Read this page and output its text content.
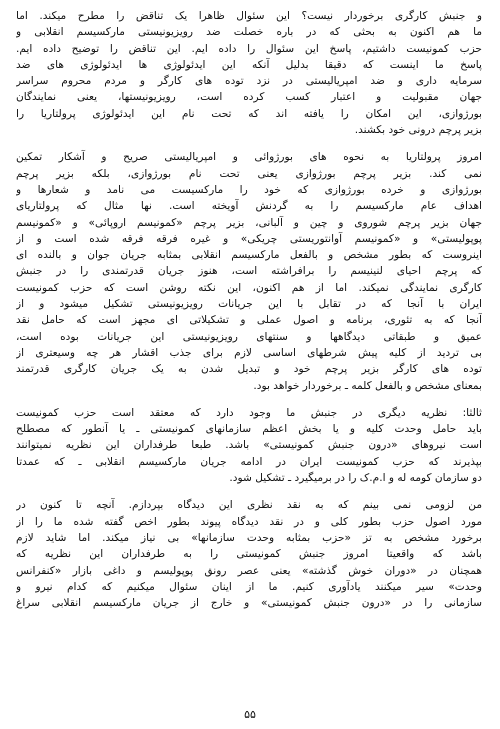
و جنبش کارگری برخوردار نیست؟ این سئوال ظاهرا یک تناقض را مطرح میکند. اما
ما هم اکنون به بحثی که در باره خصلت ضد رویزیونیستی مارکسیسم انقلابی و
حزب کمونیست داشتیم، پاسخ این سئوال را داده ایم. این تناقض را توضیح داده ایم.
پاسخ ما اینست که دقیقا بدلیل آنکه این ایدئولوژی ها ایدئولوژی های ضد
سرمایه داری و ضد امپریالیستی در نزد توده های کارگر و مردم محروم سراسر
جهان مقبولیت و اعتبار کسب کرده است، رویزیونیستها، یعنی نمایندگان
بورژوازی، این امکان را یافته اند که تحت نام این ایدئولوژی پرولتاریا را
بزیر پرچم درونی خود بکشند.
امروز پرولتاریا به نحوه های بورژوائی و امپریالیستی صریح و آشکار تمکین
نمی کند. بزیر پرچم بورژوازی یعنی تحت نام بورژوازی، بلکه بزیر پرچم
بورژوازی و خرده بورژوازی که خود را مارکسیست می نامد و شعارها و
اهداف عام مارکسیسم را به گردنش آویخته است. نها مثال که پرولتاریای
جهان بزیر پرچم شوروی و چین و آلبانی، بزیر پرچم «کمونیسم اروپائی» و «کمونیسم
پوپولیستی» و «کمونیسم آوانتوریستی چریکی» و غیره فرقه فرقه شده است و از
اینروست که بطور مشخص و بالفعل مارکسیسم انقلابی بمثابه جریان جوان و بالنده ای
که پرچم احیای لنینیسم را برافراشته است، هنوز جریان قدرتمندی را در جنبش
کارگری نمایندگی نمیکند. اما از هم اکنون، این نکته روشن است که حزب کمونیست
ایران با آنجا که در تقابل با این جریانات رویزیونیستی تشکیل میشود و از
آنجا که به تئوری، برنامه و اصول عملی و تشکیلاتی ای مجهز است که حامل نقد
عمیق و طبقاتی دیدگاهها و سنتهای رویزیونیستی این جریانات بوده است،
بی تردید از کلیه پیش شرطهای اساسی لازم برای جذب اقشار هر چه وسیعتری از
توده های کارگر بزیر پرچم خود و تبدیل شدن به یک جریان کارگری قدرتمند
بمعنای مشخص و بالفعل کلمه ـ برخوردار خواهد بود.
ثالثا: نظریه دیگری در جنبش ما وجود دارد که معتقد است حزب کمونیست
باید حامل وحدت کلیه و یا بخش اعظم سازمانهای کمونیستی ـ یا آنطور که مصطلح
است نیروهای «درون جنبش کمونیستی» باشد. طبعا طرفداران این نظریه نمیتوانند
بپذیرند که حزب کمونیست ایران در ادامه جریان مارکسیسم انقلابی ـ که عمدتا
دو سازمان کومه له و ا.م.ک را در برمیگیرد ـ تشکیل شود.
من لزومی نمی بینم که به نقد نظری این دیدگاه بپردازم. آنچه تا کنون در
مورد اصول حزب بطور کلی و در نقد دیدگاه پیوند بطور اخص گفته شده ما را از
برخورد مشخص به تز «حزب بمثابه وحدت سازمانها» بی نیاز میکند. اما شاید لازم
باشد که واقعیتا امروز جنبش کمونیستی را به طرفداران این نظریه که
همچنان در «دوران خوش گذشته» یعنی عصر رونق پوپولیسم و داغی بازار «کنفرانس
وحدت» سیر میکنند یادآوری کنیم. ما از اینان سئوال میکنیم که کدام نیرو و
سازمانی را در «درون جنبش کمونیستی» و خارج از جریان مارکسیسم انقلابی سراغ
۵۵
